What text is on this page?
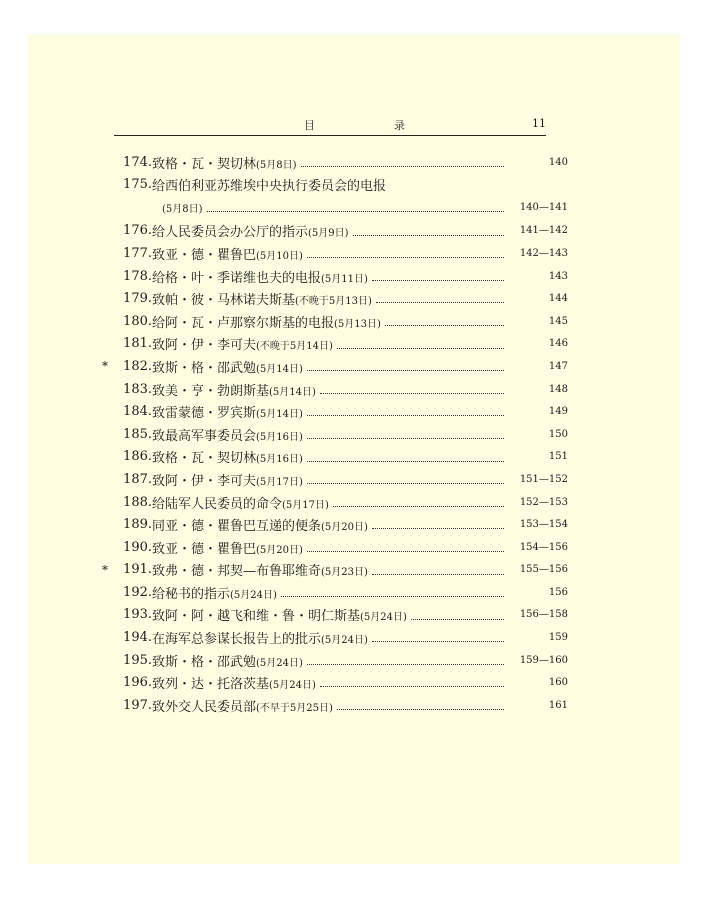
目　录	11
174. 致格・瓦・契切林(5月8日)	140
175. 给西伯利亚苏维埃中央执行委员会的电报
(5月8日)	140—141
176. 给人民委员会办公厅的指示(5月9日)	141—142
177. 致亚・德・瞿鲁巴(5月10日)	142—143
178. 给格・叶・季诺维也夫的电报(5月11日)	143
179. 致帕・彼・马林诺夫斯基(不晚于5月13日)	144
180. 给阿・瓦・卢那察尔斯基的电报(5月13日)	145
181. 致阿・伊・李可夫(不晚于5月14日)	146
*	182. 致斯・格・邵武勉(5月14日)	147
183. 致美・亨・勃朗斯基(5月14日)	148
184. 致雷蒙德・罗宾斯(5月14日)	149
185. 致最高军事委员会(5月16日)	150
186. 致格・瓦・契切林(5月16日)	151
187. 致阿・伊・李可夫(5月17日)	151—152
188. 给陆军人民委员的命令(5月17日)	152—153
189. 同亚・德・瞿鲁巴互递的便条(5月20日)	153—154
190. 致亚・德・瞿鲁巴(5月20日)	154—156
*	191. 致弗・德・邦契—布鲁耶维奇(5月23日)	155—156
192. 给秘书的指示(5月24日)	156
193. 致阿・阿・越飞和维・鲁・明仁斯基(5月24日)	156—158
194. 在海军总参谋长报告上的批示(5月24日)	159
195. 致斯・格・邵武勉(5月24日)	159—160
196. 致列・达・托洛茨基(5月24日)	160
197. 致外交人民委员部(不早于5月25日)	161
